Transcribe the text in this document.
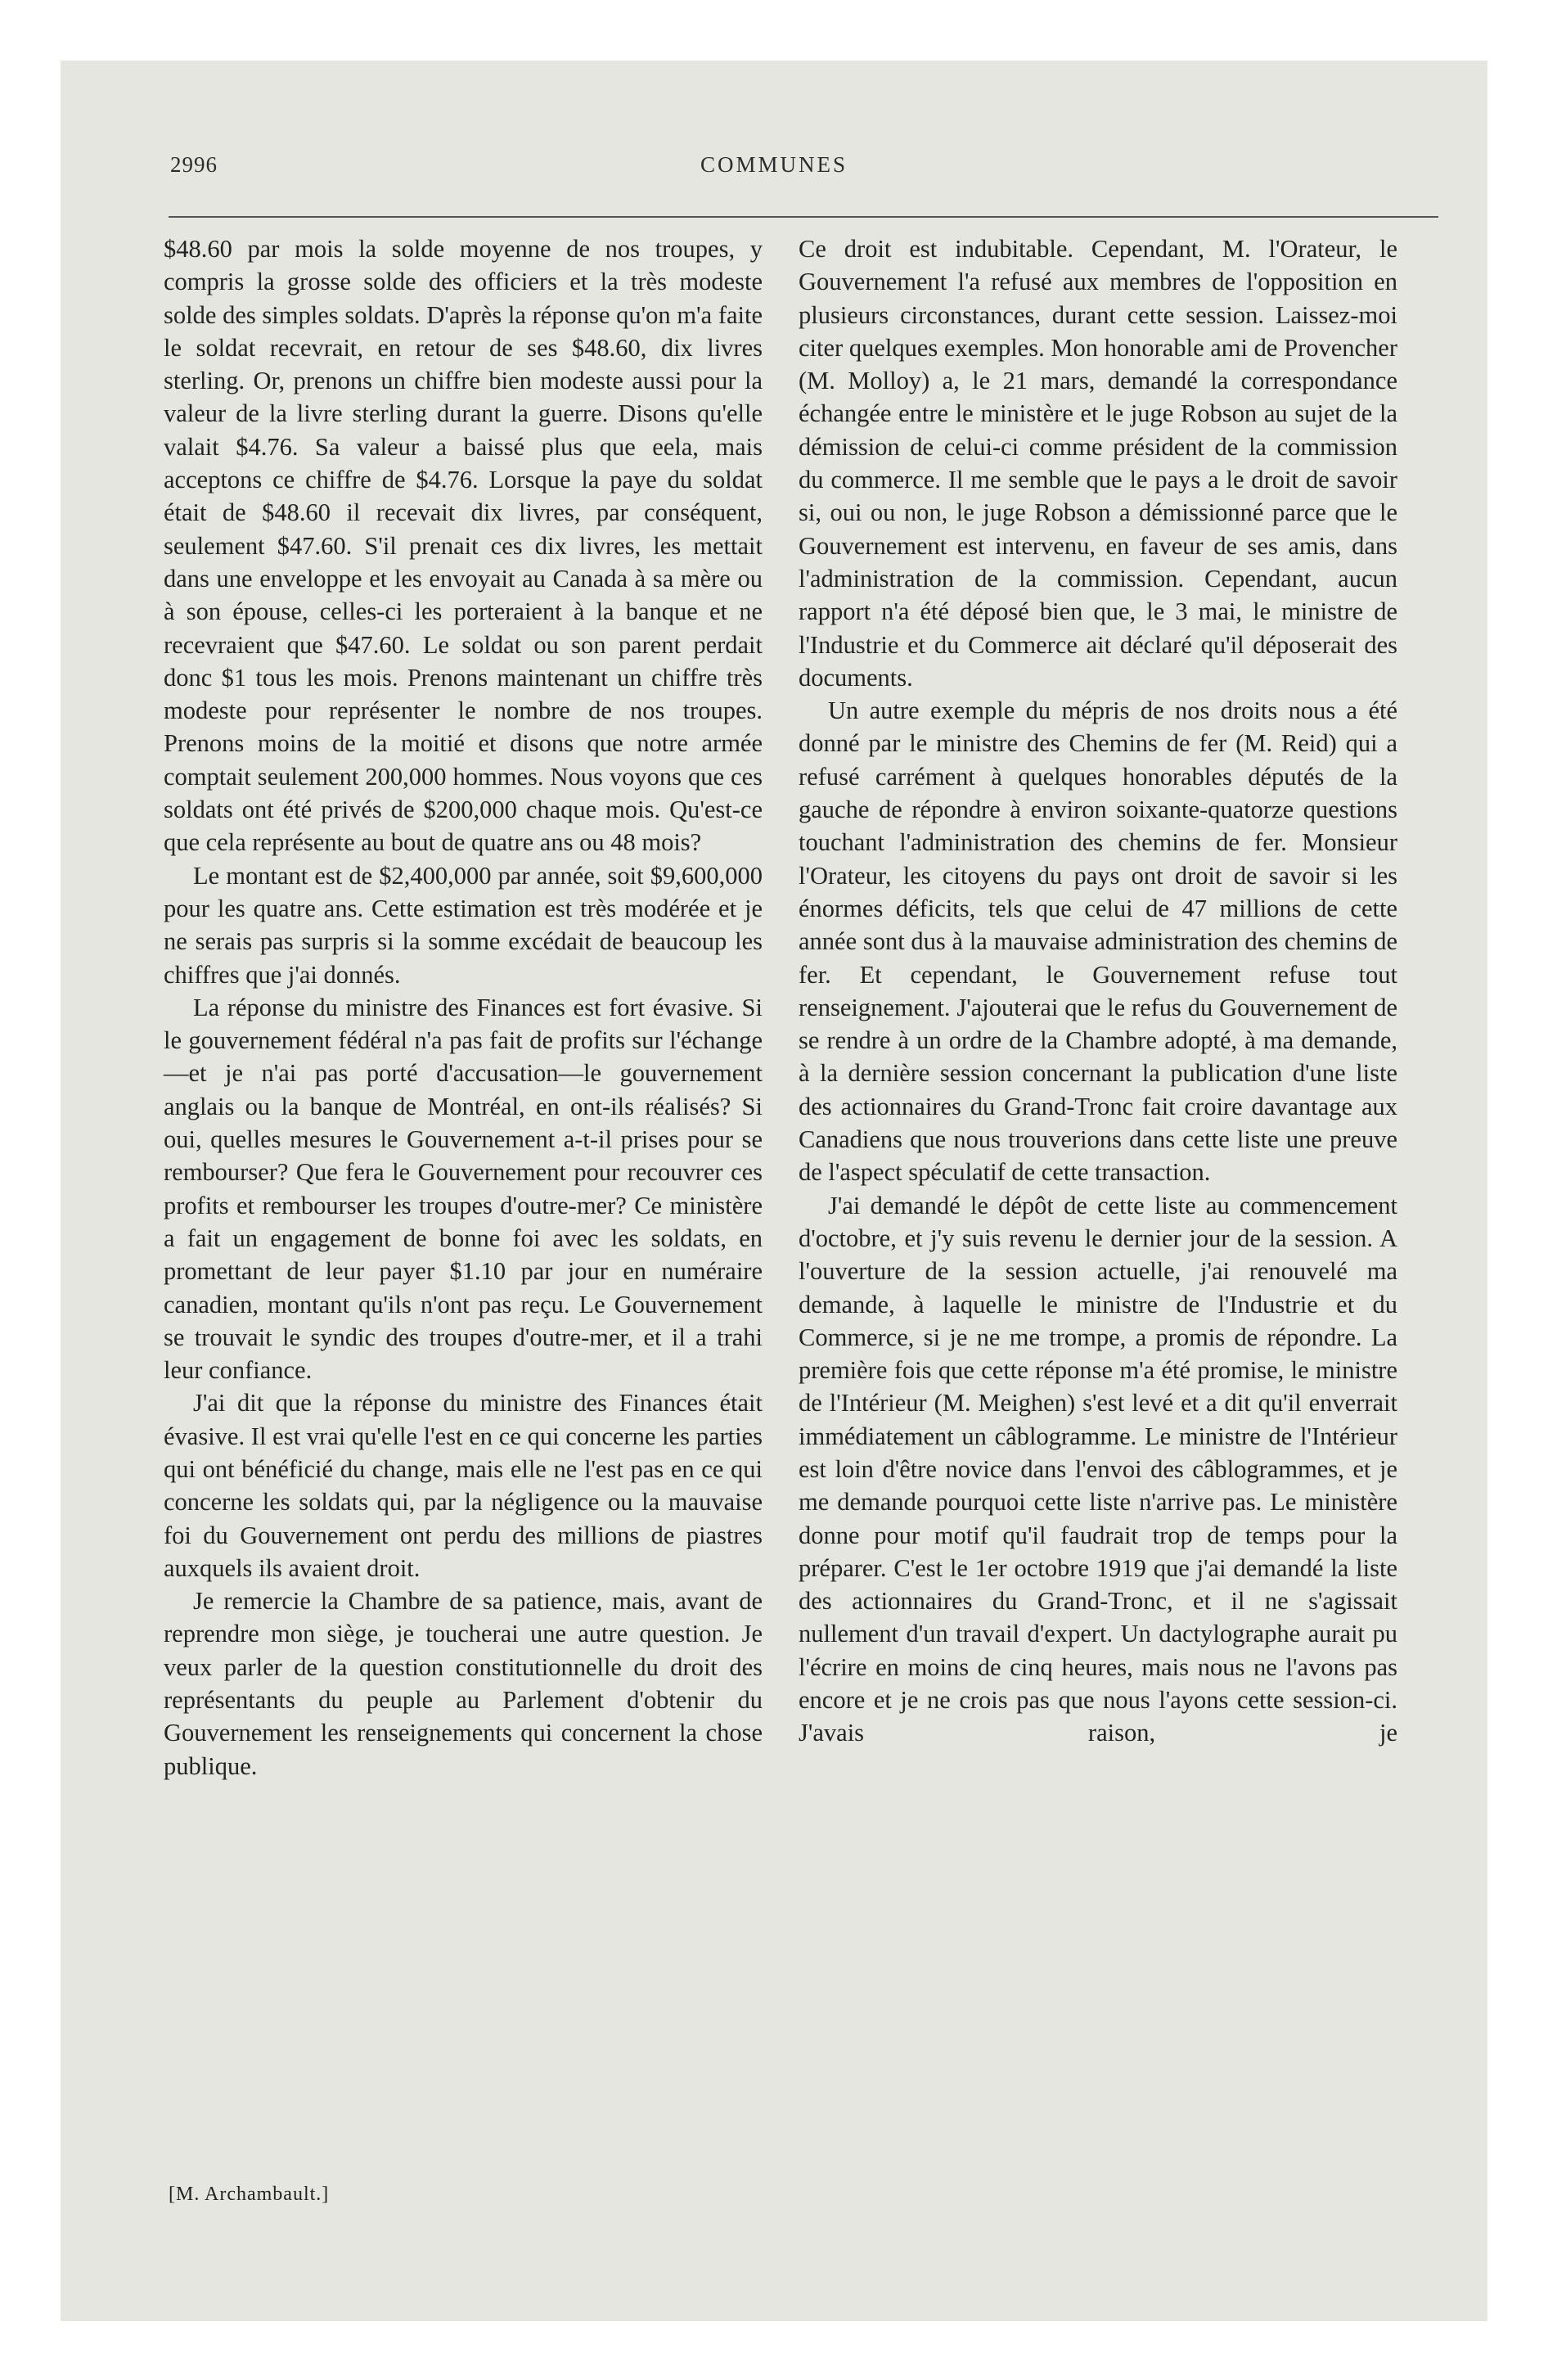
2996	COMMUNES

$48.60 par mois la solde moyenne de nos troupes, y compris la grosse solde des officiers et la très modeste solde des simples soldats. D'après la réponse qu'on m'a faite le soldat recevrait, en retour de ses $48.60, dix livres sterling. Or, prenons un chiffre bien modeste aussi pour la valeur de la livre sterling durant la guerre. Disons qu'elle valait $4.76. Sa valeur a baissé plus que eela, mais acceptons ce chiffre de $4.76. Lorsque la paye du soldat était de $48.60 il recevait dix livres, par conséquent, seulement $47.60. S'il prenait ces dix livres, les mettait dans une enveloppe et les envoyait au Canada à sa mère ou à son épouse, celles-ci les porteraient à la banque et ne recevraient que $47.60. Le soldat ou son parent perdait donc $1 tous les mois. Prenons maintenant un chiffre très modeste pour représenter le nombre de nos troupes. Prenons moins de la moitié et disons que notre armée comptait seulement 200,000 hommes. Nous voyons que ces soldats ont été privés de $200,000 chaque mois. Qu'est-ce que cela représente au bout de quatre ans ou 48 mois?

Le montant est de $2,400,000 par année, soit $9,600,000 pour les quatre ans. Cette estimation est très modérée et je ne serais pas surpris si la somme excédait de beaucoup les chiffres que j'ai donnés.

La réponse du ministre des Finances est fort évasive. Si le gouvernement fédéral n'a pas fait de profits sur l'échange—et je n'ai pas porté d'accusation—le gouvernement anglais ou la banque de Montréal, en ont-ils réalisés? Si oui, quelles mesures le Gouvernement a-t-il prises pour se rembourser? Que fera le Gouvernement pour recouvrer ces profits et rembourser les troupes d'outre-mer? Ce ministère a fait un engagement de bonne foi avec les soldats, en promettant de leur payer $1.10 par jour en numéraire canadien, montant qu'ils n'ont pas reçu. Le Gouvernement se trouvait le syndic des troupes d'outre-mer, et il a trahi leur confiance.

J'ai dit que la réponse du ministre des Finances était évasive. Il est vrai qu'elle l'est en ce qui concerne les parties qui ont bénéficié du change, mais elle ne l'est pas en ce qui concerne les soldats qui, par la négligence ou la mauvaise foi du Gouvernement ont perdu des millions de piastres auxquels ils avaient droit.

Je remercie la Chambre de sa patience, mais, avant de reprendre mon siège, je toucherai une autre question. Je veux parler de la question constitutionnelle du droit des représentants du peuple au Parlement d'obtenir du Gouvernement les renseignements qui concernent la chose publique.

[M. Archambault.]

Ce droit est indubitable. Cependant, M. l'Orateur, le Gouvernement l'a refusé aux membres de l'opposition en plusieurs circonstances, durant cette session. Laissez-moi citer quelques exemples. Mon honorable ami de Provencher (M. Molloy) a, le 21 mars, demandé la correspondance échangée entre le ministère et le juge Robson au sujet de la démission de celui-ci comme président de la commission du commerce. Il me semble que le pays a le droit de savoir si, oui ou non, le juge Robson a démissionné parce que le Gouvernement est intervenu, en faveur de ses amis, dans l'administration de la commission. Cependant, aucun rapport n'a été déposé bien que, le 3 mai, le ministre de l'Industrie et du Commerce ait déclaré qu'il déposerait des documents.

Un autre exemple du mépris de nos droits nous a été donné par le ministre des Chemins de fer (M. Reid) qui a refusé carrément à quelques honorables députés de la gauche de répondre à environ soixante-quatorze questions touchant l'administration des chemins de fer. Monsieur l'Orateur, les citoyens du pays ont droit de savoir si les énormes déficits, tels que celui de 47 millions de cette année sont dus à la mauvaise administration des chemins de fer. Et cependant, le Gouvernement refuse tout renseignement. J'ajouterai que le refus du Gouvernement de se rendre à un ordre de la Chambre adopté, à ma demande, à la dernière session concernant la publication d'une liste des actionnaires du Grand-Tronc fait croire davantage aux Canadiens que nous trouverions dans cette liste une preuve de l'aspect spéculatif de cette transaction.

J'ai demandé le dépôt de cette liste au commencement d'octobre, et j'y suis revenu le dernier jour de la session. A l'ouverture de la session actuelle, j'ai renouvelé ma demande, à laquelle le ministre de l'Industrie et du Commerce, si je ne me trompe, a promis de répondre. La première fois que cette réponse m'a été promise, le ministre de l'Intérieur (M. Meighen) s'est levé et a dit qu'il enverrait immédiatement un câblogramme. Le ministre de l'Intérieur est loin d'être novice dans l'envoi des câblogrammes, et je me demande pourquoi cette liste n'arrive pas. Le ministère donne pour motif qu'il faudrait trop de temps pour la préparer. C'est le 1er octobre 1919 que j'ai demandé la liste des actionnaires du Grand-Tronc, et il ne s'agissait nullement d'un travail d'expert. Un dactylographe aurait pu l'écrire en moins de cinq heures, mais nous ne l'avons pas encore et je ne crois pas que nous l'ayons cette session-ci. J'avais raison, je
